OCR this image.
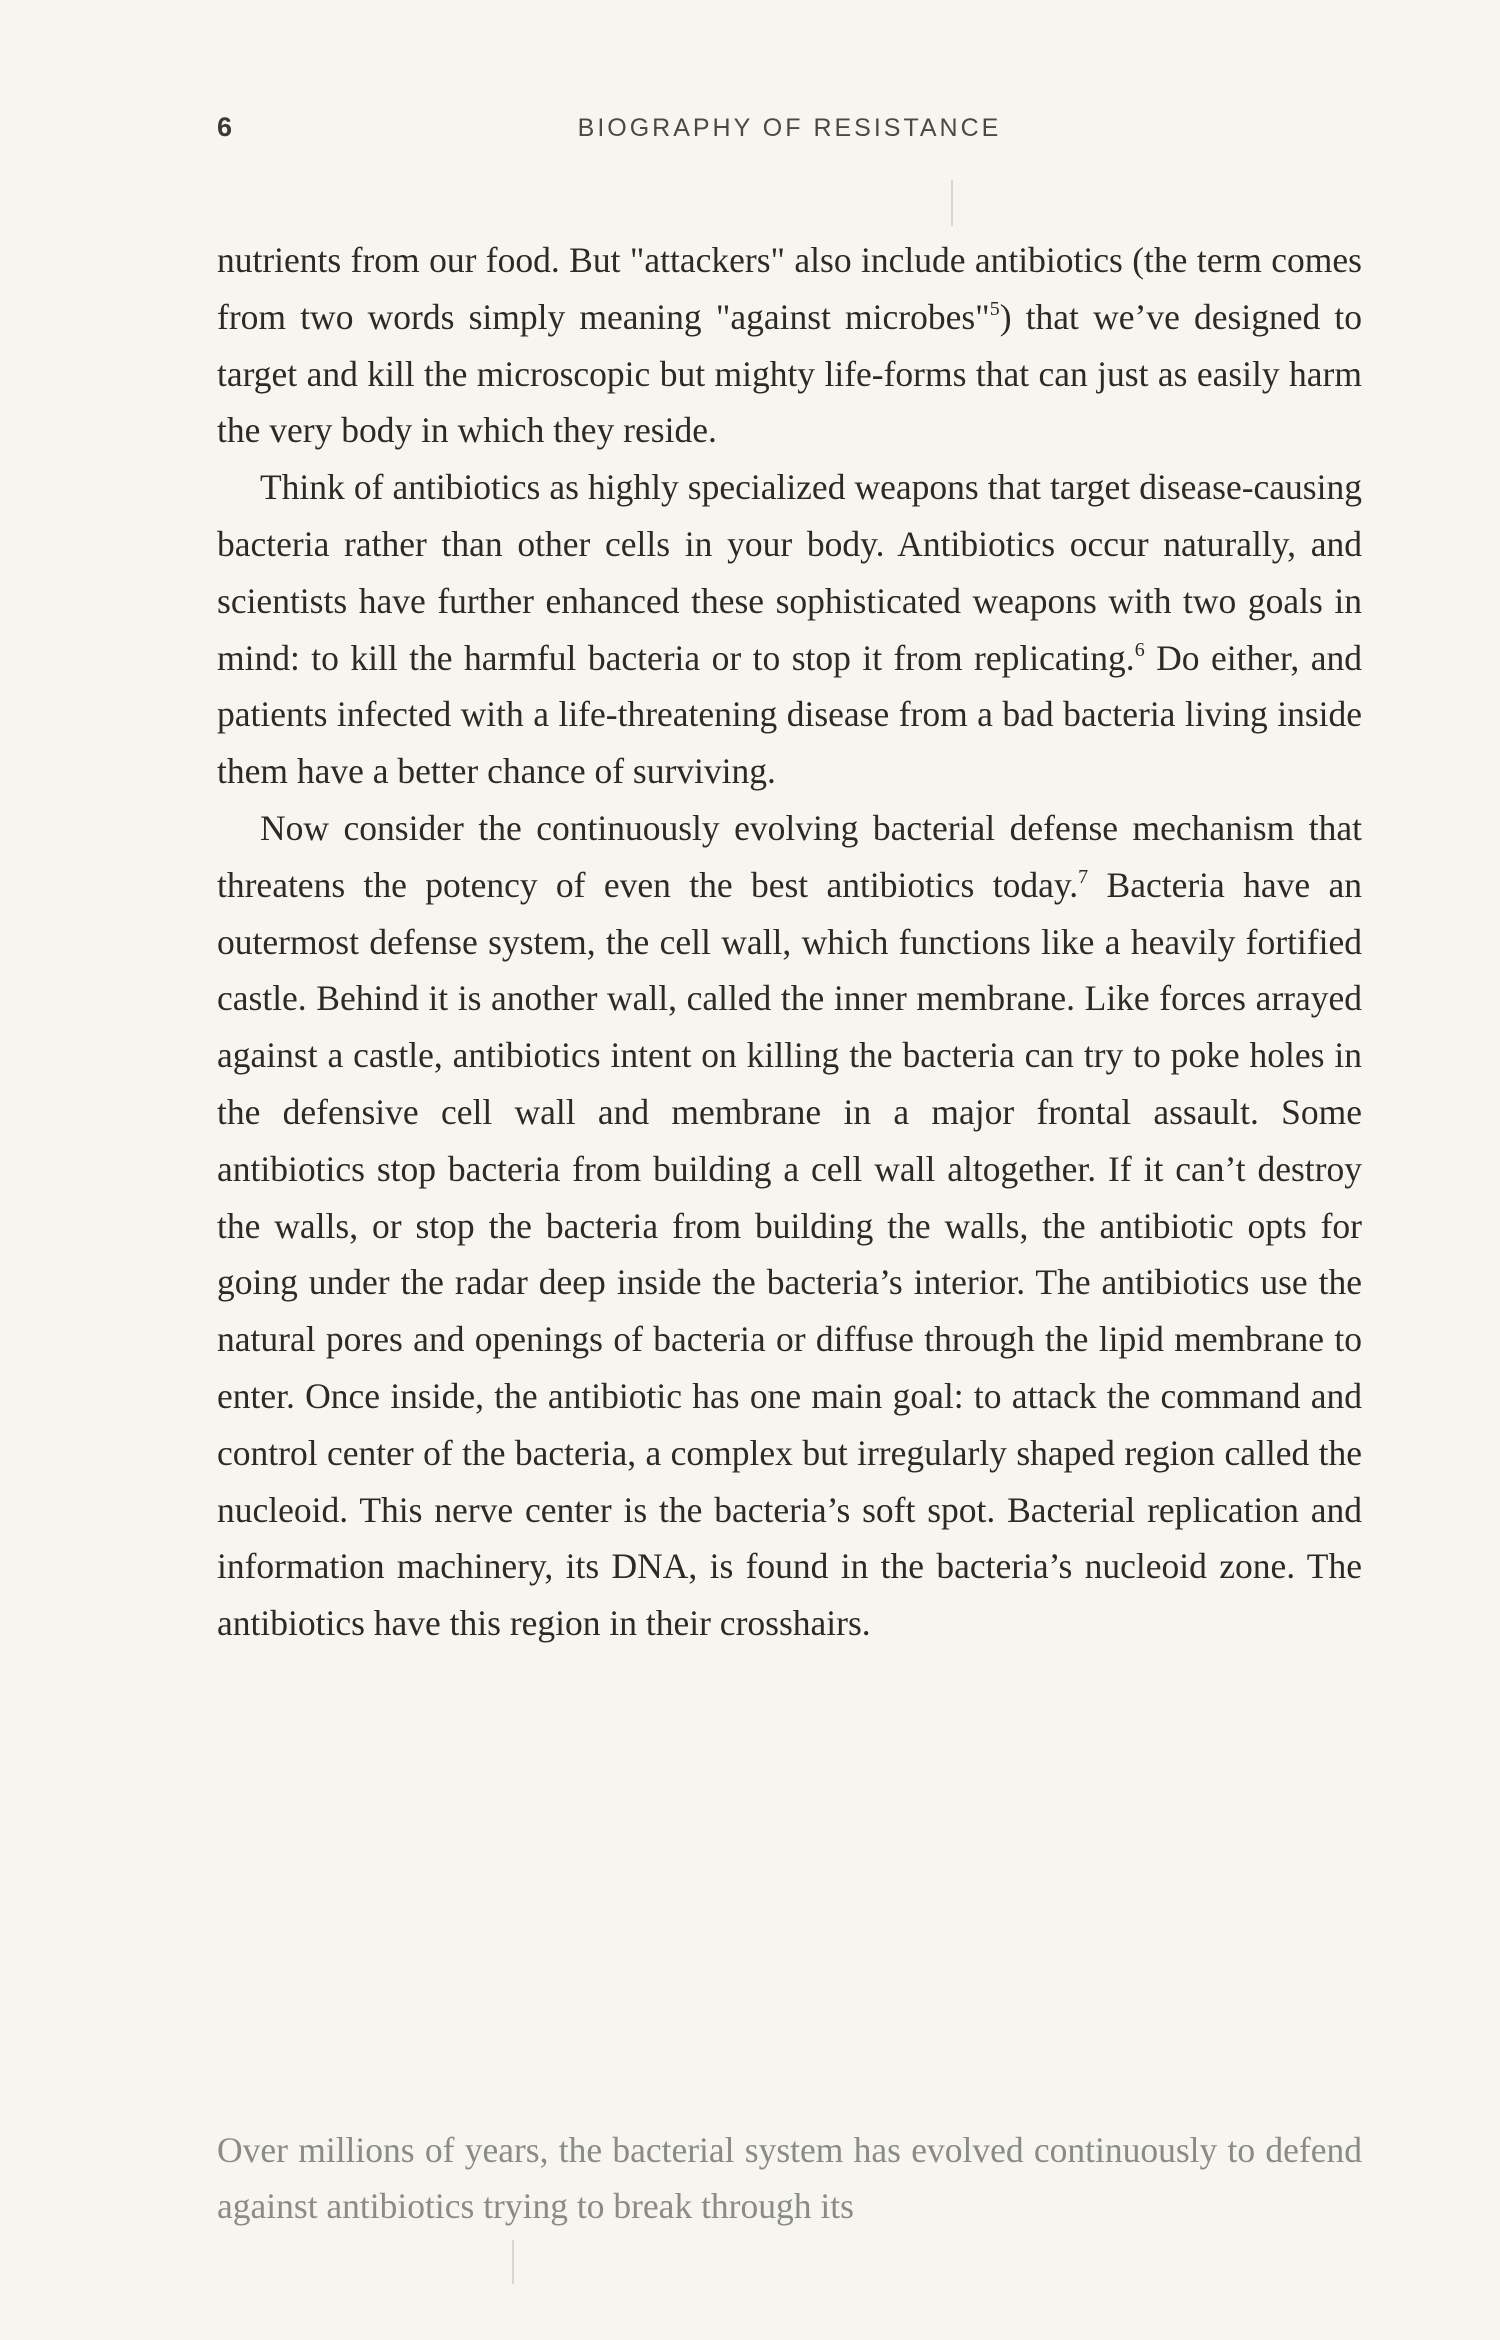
6	BIOGRAPHY OF RESISTANCE

nutrients from our food. But "attackers" also include antibiotics (the term comes from two words simply meaning "against microbes"$^5$) that we’ve designed to target and kill the microscopic but mighty life-forms that can just as easily harm the very body in which they reside.

Think of antibiotics as highly specialized weapons that target disease-causing bacteria rather than other cells in your body. Antibiotics occur naturally, and scientists have further enhanced these sophisticated weapons with two goals in mind: to kill the harmful bacteria or to stop it from replicating.$^6$ Do either, and patients infected with a life-threatening disease from a bad bacteria living inside them have a better chance of surviving.

Now consider the continuously evolving bacterial defense mechanism that threatens the potency of even the best antibiotics today.$^7$ Bacteria have an outermost defense system, the cell wall, which functions like a heavily fortified castle. Behind it is another wall, called the inner membrane. Like forces arrayed against a castle, antibiotics intent on killing the bacteria can try to poke holes in the defensive cell wall and membrane in a major frontal assault. Some antibiotics stop bacteria from building a cell wall altogether. If it can’t destroy the walls, or stop the bacteria from building the walls, the antibiotic opts for going under the radar deep inside the bacteria’s interior. The antibiotics use the natural pores and openings of bacteria or diffuse through the lipid membrane to enter. Once inside, the antibiotic has one main goal: to attack the command and control center of the bacteria, a complex but irregularly shaped region called the nucleoid. This nerve center is the bacteria’s soft spot. Bacterial replication and information machinery, its DNA, is found in the bacteria’s nucleoid zone. The antibiotics have this region in their crosshairs.

Over millions of years, the bacterial system has evolved continuously to defend against antibiotics trying to break through its
